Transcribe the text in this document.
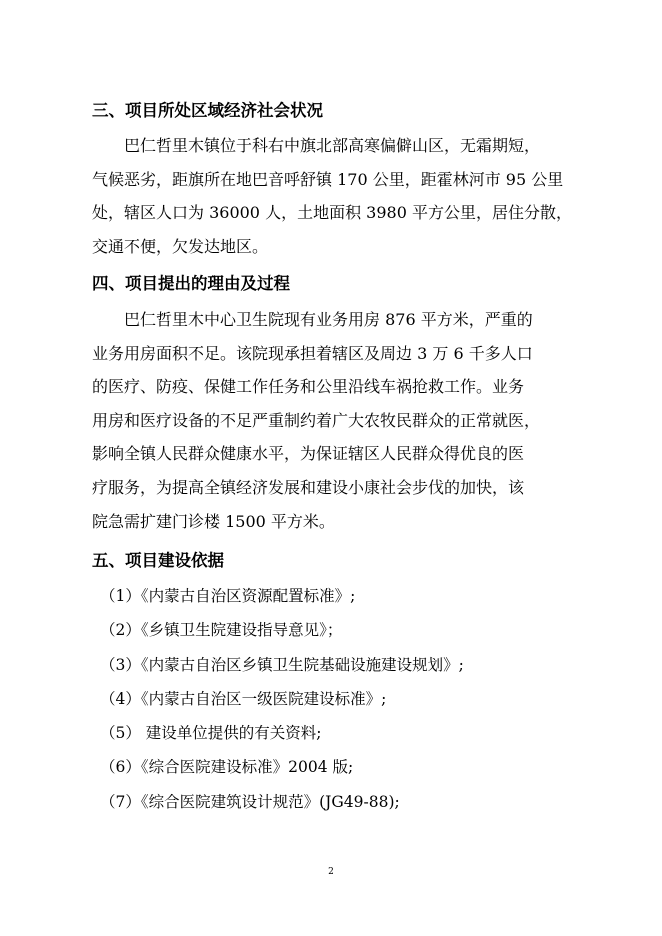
三、项目所处区域经济社会状况

　　巴仁哲里木镇位于科右中旗北部高寒偏僻山区，无霜期短，

气候恶劣，距旗所在地巴音呼舒镇 170 公里，距霍林河市 95 公里

处，辖区人口为 36000 人，土地面积 3980 平方公里，居住分散，

交通不便，欠发达地区。

四、项目提出的理由及过程

　　巴仁哲里木中心卫生院现有业务用房 876 平方米，严重的

业务用房面积不足。该院现承担着辖区及周边 3 万 6 千多人口

的医疗、防疫、保健工作任务和公里沿线车祸抢救工作。业务

用房和医疗设备的不足严重制约着广大农牧民群众的正常就医，

影响全镇人民群众健康水平，为保证辖区人民群众得优良的医

疗服务，为提高全镇经济发展和建设小康社会步伐的加快，该

院急需扩建门诊楼 1500 平方米。

五、项目建设依据
（1）《内蒙古自治区资源配置标准》;
（2）《乡镇卫生院建设指导意见》；
（3）《内蒙古自治区乡镇卫生院基础设施建设规划》;
（4）《内蒙古自治区一级医院建设标准》;
（5） 建设单位提供的有关资料;
（6）《综合医院建设标准》2004 版;
（7）《综合医院建筑设计规范》(JG49-88);
2
